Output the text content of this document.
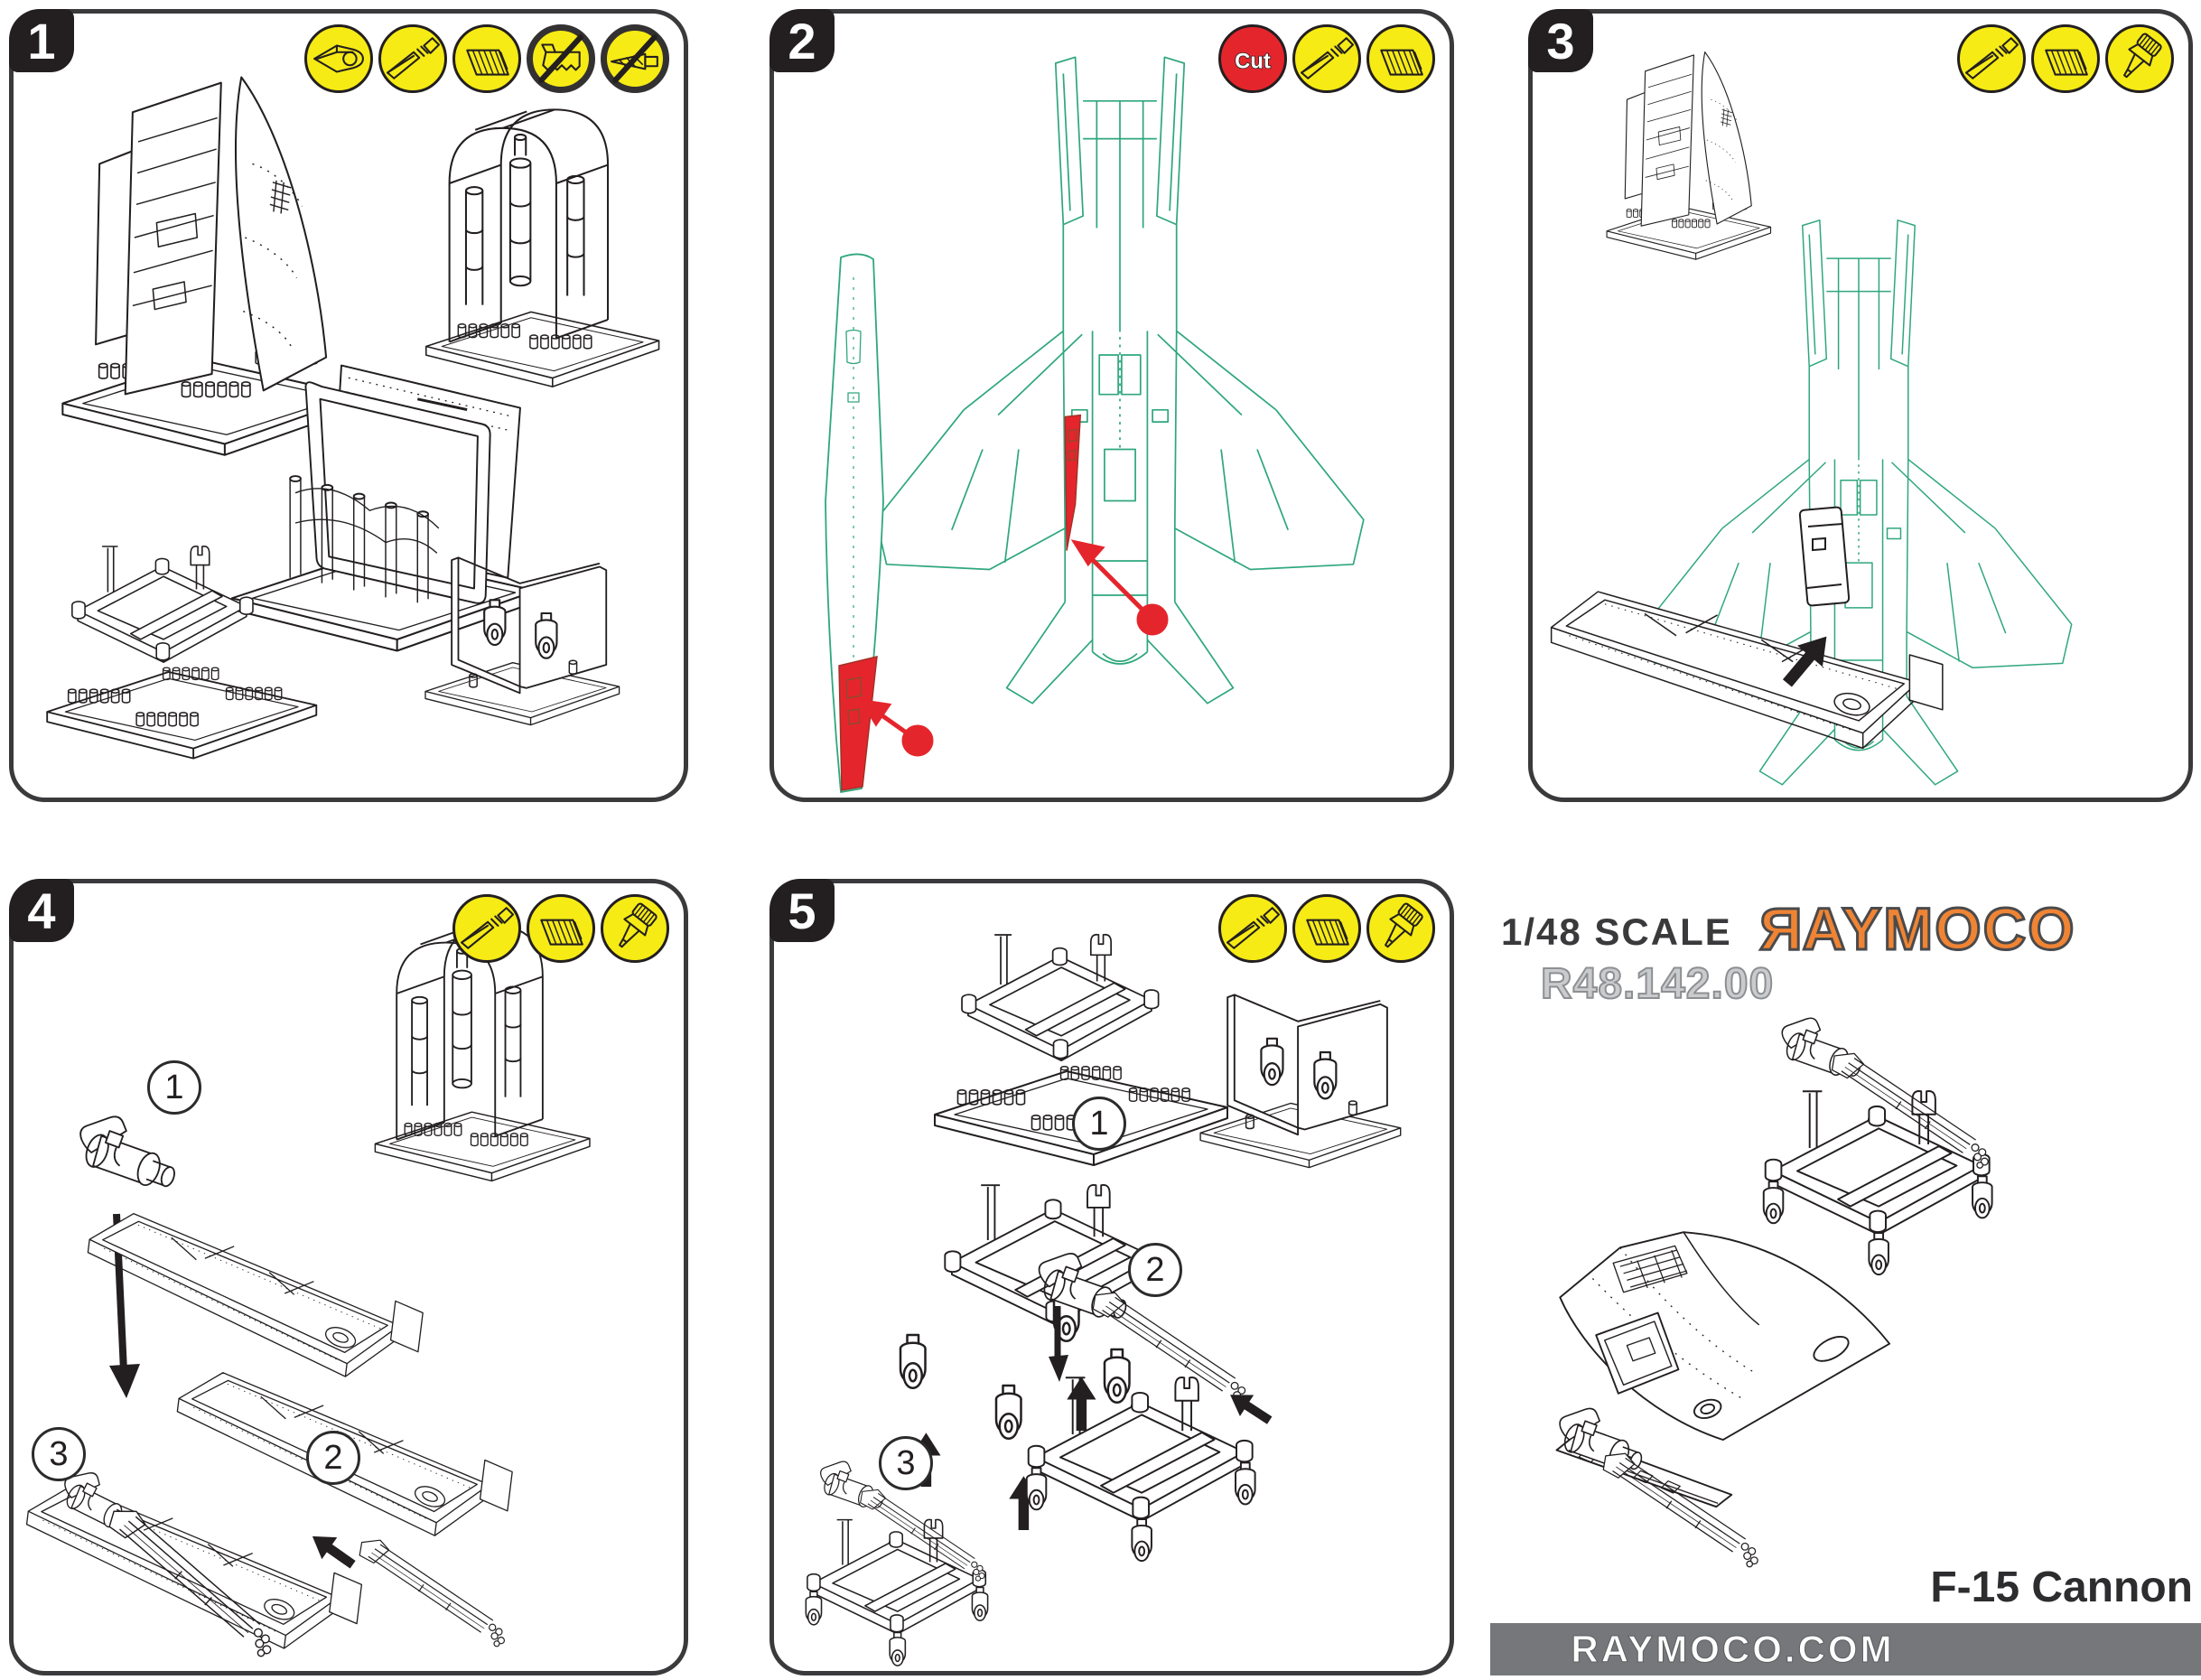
1	2	Cut	3
4
1
2
3
5
1
2
3
1/48 SCALE
R48.142.00
RAYMOCO
F-15 Cannon
RAYMOCO.COM
